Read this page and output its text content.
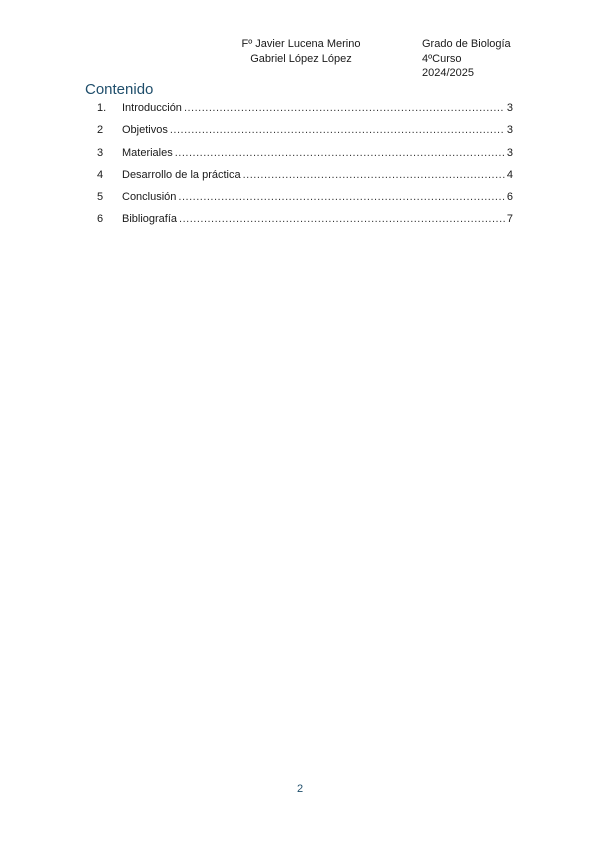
Fº Javier Lucena Merino
Gabriel López López
Grado de Biología
4ºCurso
2024/2025
Contenido
1.	Introducción .....	3
2	Objetivos .....	3
3	Materiales .....	3
4	Desarrollo de la práctica .....	4
5	Conclusión .....	6
6	Bibliografía .....	7
2
